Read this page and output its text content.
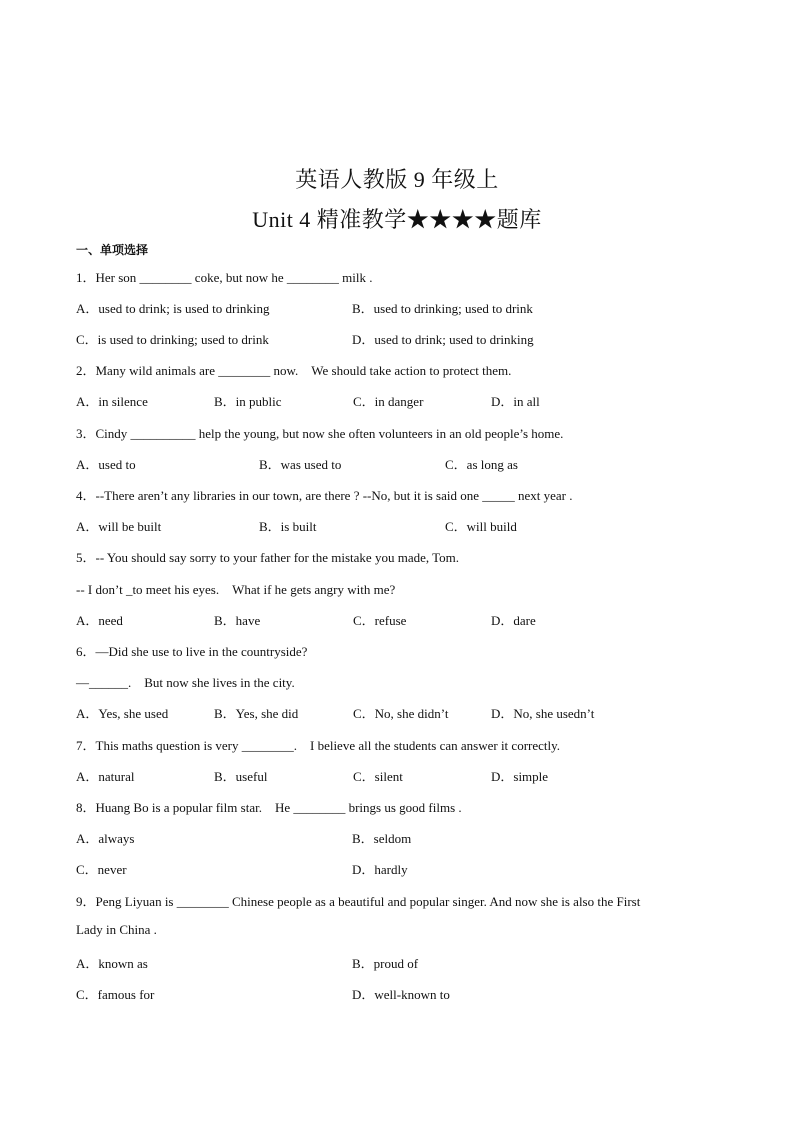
英语人教版 9 年级上
Unit 4 精准教学★★★★题库
一、单项选择
1．Her son ________ coke, but now he ________ milk .
A．used to drink; is used to drinking	B．used to drinking; used to drink
C．is used to drinking; used to drink	D．used to drink; used to drinking
2．Many wild animals are ________ now.　We should take action to protect them.
A．in silence	B．in public	C．in danger	D．in all
3．Cindy __________ help the young, but now she often volunteers in an old people’s home.
A．used to	B．was used to	C．as long as
4．--There aren’t any libraries in our town, are there ? --No, but it is said one _____ next year .
A．will be built	B．is built	C．will build
5．-- You should say sorry to your father for the mistake you made, Tom.
-- I don’t _to meet his eyes.　What if he gets angry with me?
A．need	B．have	C．refuse	D．dare
6．—Did she use to live in the countryside?
—______.　But now she lives in the city.
A．Yes, she used	B．Yes, she did	C．No, she didn’t	D．No, she usedn’t
7．This maths question is very ________.　I believe all the students can answer it correctly.
A．natural	B．useful	C．silent	D．simple
8．Huang Bo is a popular film star.　He ________ brings us good films .
A．always	B．seldom
C．never	D．hardly
9．Peng Liyuan is ________ Chinese people as a beautiful and popular singer. And now she is also the First
Lady in China .
A．known as	B．proud of
C．famous for	D．well-known to
